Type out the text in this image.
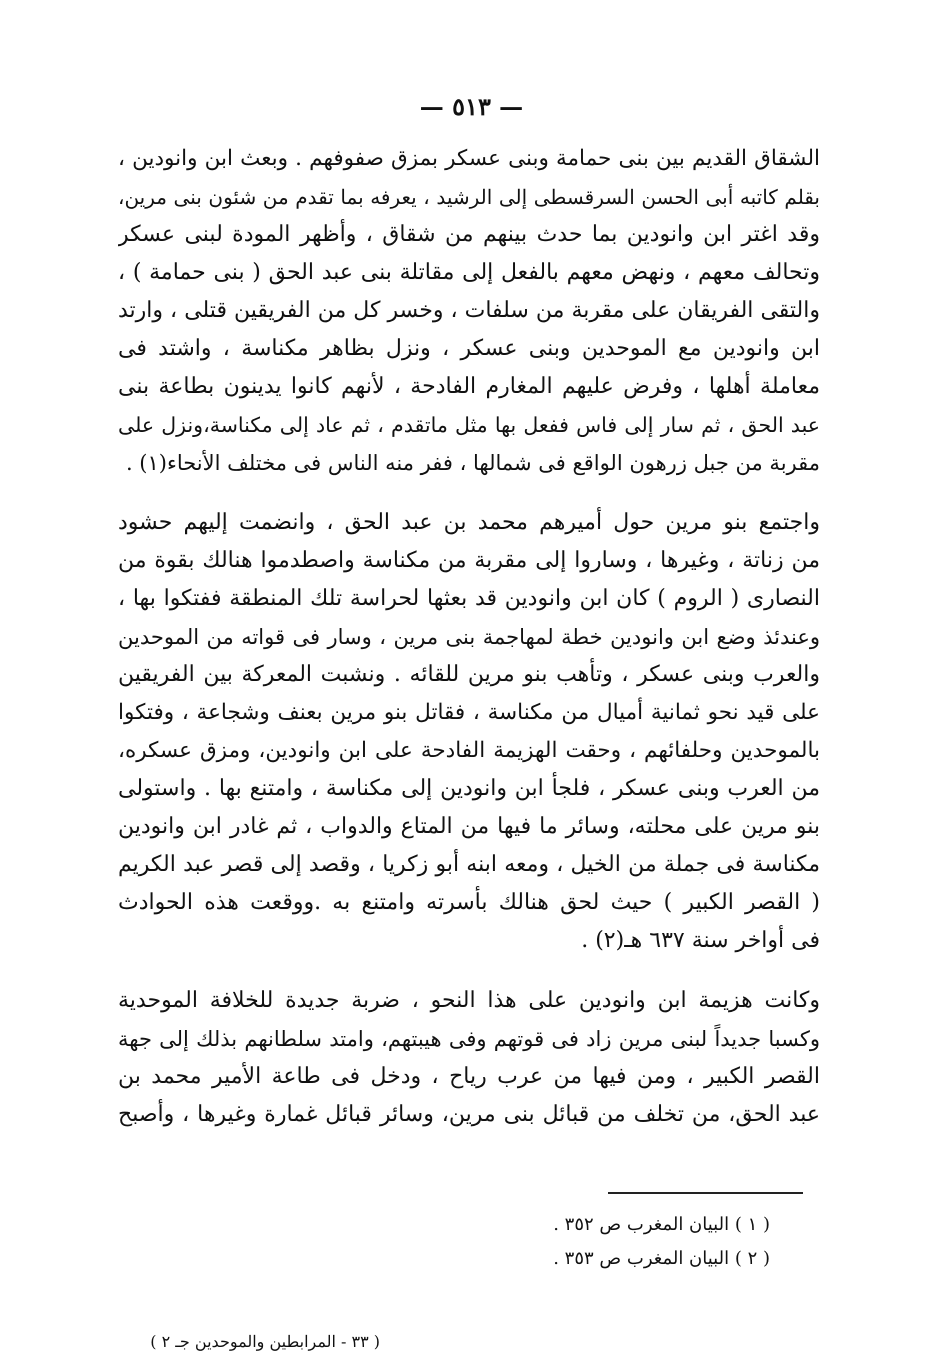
— ٥١٣ —
الشقاق القديم بين بنى حمامة وبنى عسكر بمزق صفوفهم . وبعث ابن وانودين ،
بقلم كاتبه أبى الحسن السرقسطى إلى الرشيد ، يعرفه بما تقدم من شئون بنى مرين،
وقد اغتر ابن وانودين بما حدث بينهم من شقاق ، وأظهر المودة لبنى عسكر
وتحالف معهم ، ونهض معهم بالفعل إلى مقاتلة بنى عبد الحق ( بنى حمامة ) ،
والتقى الفريقان على مقربة من سلفات ، وخسر كل من الفريقين قتلى ، وارتد
ابن وانودين مع الموحدين وبنى عسكر ، ونزل بظاهر مكناسة ، واشتد فى
معاملة أهلها ، وفرض عليهم المغارم الفادحة ، لأنهم كانوا يدينون بطاعة بنى
عبد الحق ، ثم سار إلى فاس ففعل بها مثل ماتقدم ، ثم عاد إلى مكناسة،ونزل على
مقربة من جبل زرهون الواقع فى شمالها ، ففر منه الناس فى مختلف الأنحاء(١) .
واجتمع بنو مرين حول أميرهم محمد بن عبد الحق ، وانضمت إليهم حشود
من زناتة ، وغيرها ، وساروا إلى مقربة من مكناسة واصطدموا هنالك بقوة من
النصارى ( الروم ) كان ابن وانودين قد بعثها لحراسة تلك المنطقة ففتكوا بها ،
وعندئذ وضع ابن وانودين خطة لمهاجمة بنى مرين ، وسار فى قواته من الموحدين
والعرب وبنى عسكر ، وتأهب بنو مرين للقائه . ونشبت المعركة بين الفريقين
على قيد نحو ثمانية أميال من مكناسة ، فقاتل بنو مرين بعنف وشجاعة ، وفتكوا
بالموحدين وحلفائهم ، وحقت الهزيمة الفادحة على ابن وانودين، ومزق عسكره،
من العرب وبنى عسكر ، فلجأ ابن وانودين إلى مكناسة ، وامتنع بها . واستولى
بنو مرين على محلته، وسائر ما فيها من المتاع والدواب ، ثم غادر ابن وانودين
مكناسة فى جملة من الخيل ، ومعه ابنه أبو زكريا ، وقصد إلى قصر عبد الكريم
( القصر الكبير ) حيث لحق هنالك بأسرته وامتنع به .ووقعت هذه الحوادث
فى أواخر سنة ٦٣٧ هـ(٢) .
وكانت هزيمة ابن وانودين على هذا النحو ، ضربة جديدة للخلافة الموحدية
وكسبا جديداً لبنى مرين زاد فى قوتهم وفى هيبتهم، وامتد سلطانهم بذلك إلى جهة
القصر الكبير ، ومن فيها من عرب رياح ، ودخل فى طاعة الأمير محمد بن
عبد الحق، من تخلف من قبائل بنى مرين، وسائر قبائل غمارة وغيرها ، وأصبح
( ١ ) البيان المغرب ص ٣٥٢ .
( ٢ ) البيان المغرب ص ٣٥٣ .
( ٣٣ - المرابطين والموحدين جـ ٢ )
